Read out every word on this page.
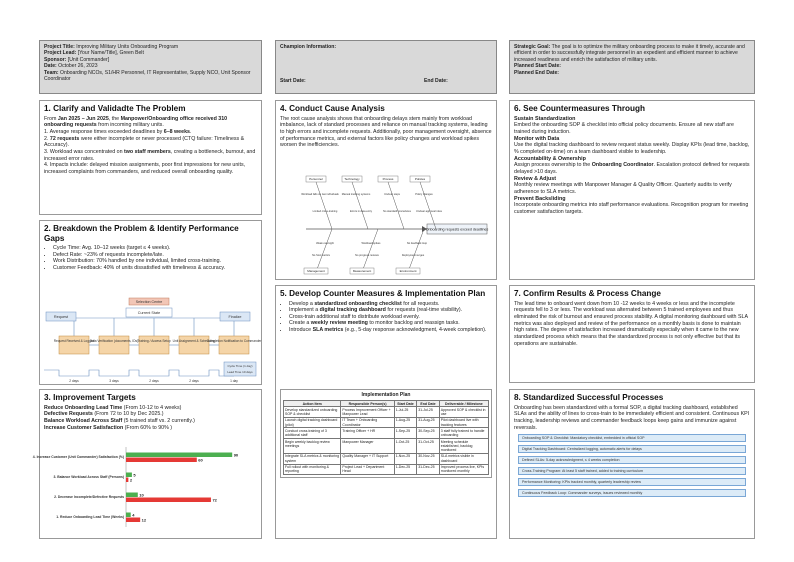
Project Title: Improving Military Units Onboarding Program
Project Lead: [Your Name/Title], Green Belt
Sponsor: [Unit Commander]
Date: October 26, 2023
Team: Onboarding NCOs, S1/HR Personnel, IT Representative, Supply NCO, Unit Sponsor Coordinator
Champion Information:
Start Date:	End Date:
Strategic Goal: The goal is to optimize the military onboarding process to make it timely, accurate and efficient in order to successfully integrate personnel in an expedient and efficient manner to achieve increased readiness and enrich the satisfaction of military units.
Planned Start Date:
Planned End Date:
1. Clarify and Validadte The Problem
From Jan 2025 – Jun 2025, the Manpower/Onboarding office received 310 onboarding requests from incoming military units.
1. Average response times exceeded deadlines by 6–8 weeks.
2. 72 requests were either incomplete or never processed (CTQ failure: Timeliness & Accuracy).
3. Workload was concentrated on two staff members, creating a bottleneck, burnout, and increased error rates.
4. Impacts include: delayed mission assignments, poor first impressions for new units, increased complaints from commanders, and reduced overall onboarding quality.
2. Breakdown the Problem & Identify Performance Gaps
• Cycle Time: Avg. 10–12 weeks (target ≤ 4 weeks).
• Defect Rate: ~23% of requests incomplete/late.
• Work Distribution: 70% handled by one individual, limited cross-training.
• Customer Feedback: 40% of units dissatisfied with timeliness & accuracy.
Selection Centre
Request
Current State
Finalize
Request Received & Logged
2 days
Data Verification (documents, IDs)
3 days
Training / Access Setup
2 days
Unit Assignment & Scheduling
2 days
Completion Notification to Commander
1 day
Cycle Time (1 day)
Lead Time 10 days
3. Improvement Targets
Reduce Onboarding Lead Time (From 10-12 to 4 weeks)
Defective Requests (From 72 to 10 by Dec 2025.)
Balance Workload Across Staff (5 trained staff vs. 2 currently.)
Increase Customer Satisfaction (From 60% to 90% )
4. Increase Customer (Unit Commander) Satisfaction (%)	90
60
3. Balance Workload Across Staff (Persons) 5
2
2. Decrease Incomplete/Defective Requests	10
72
1. Reduce Onboarding Lead Time (Weeks) 4
12
4. Conduct Cause Analysis
The root cause analysis shows that onboarding delays stem mainly from workload imbalance, lack of standard processes and reliance on manual tracking systems, leading to high errors and incomplete requests. Additionally, poor management oversight, absence of performance metrics, and external factors like policy changes and workload spikes worsen the inefficiencies.
Onboarding requests exceed deadlines
Personnel
Workload falls on two individuals
Limited cross-training
Technology
Manual tracking systems
Errors in data entry
Process
Unclear steps
No standard procedures
Policies
Policy changes
Unclear approval rules
Management
Weak oversight
No SLA metrics
Measurement
Workload spikes
No progress reviews
Environment
No feedback loop
Deployment surges
5. Develop Counter Measures & Implementation Plan
• Develop a standardized onboarding checklist for all requests.
• Implement a digital tracking dashboard for requests (real-time visibility).
• Cross-train additional staff to distribute workload evenly.
• Create a weekly review meeting to monitor backlog and reassign tasks.
• Introduce SLA metrics (e.g., 5-day response acknowledgment, 4-week completion).
Implementation Plan
Action Item	Responsible Person(s)	Start Date	End Date	Deliverable / Milestone
Develop standardized onboarding SOP & checklist	Process Improvement Officer + Manpower Lead	1-Jul-25	31-Jul-25	Approved SOP & checklist in use
Launch digital tracking dashboard (pilot)	IT Team + Onboarding Coordinator	1-Aug-25	31-Aug-25	Pilot dashboard live with tracking features
Conduct cross-training of 3 additional staff	Training Officer + HR	1-Sep-25	30-Sep-25	3 staff fully trained to handle onboarding
Begin weekly backlog review meetings	Manpower Manager	1-Oct-25	31-Oct-25	Meeting schedule established, backlog monitored
Integrate SLA metrics & monitoring system	Quality Manager + IT Support	1-Nov-25	30-Nov-25	SLA metrics visible in dashboard
Full rollout with monitoring & reporting	Project Lead + Department Head	1-Dec-25	31-Dec-25	Improved process live, KPIs monitored monthly
6. See Countermeasures Through
Sustain Standardization
Embed the onboarding SOP & checklist into official policy documents. Ensure all new staff are trained during induction.
Monitor with Data
Use the digital tracking dashboard to review request status weekly. Display KPIs (lead time, backlog, % completed on-time) on a team dashboard visible to leadership.
Accountability & Ownership
Assign process ownership to the Onboarding Coordinator. Escalation protocol defined for requests delayed >10 days.
Review & Adjust
Monthly review meetings with Manpower Manager & Quality Officer. Quarterly audits to verify adherence to SLA metrics.
Prevent Backsliding
Incorporate onboarding metrics into staff performance evaluations. Recognition program for meeting customer satisfaction targets.
7. Confirm Results & Process Change
The lead time to onboard went down from 10 -12 weeks to 4 weeks or less and the incomplete requests fell to 3 or less. The workload was alternated between 5 trained employees and thus eliminated the risk of burnout and ensured process stability. A digital monitoring dashboard with SLA metrics was also deployed and review of the performance on a monthly basis is done to maintain high rates. The degree of satisfaction increased dramatically especially when it came to the new standardized process which means that the standardized process is not only effective but that its operations are sustainable.
8. Standardized Successful Processes
Onboarding has been standardized with a formal SOP, a digital tracking dashboard, established SLAs and the ability of lines to cross-train to be immediately efficient and consistent. Continuous KPI tracking, leadership reviews and commander feedback loops keep gains and immunize against reversals.
Onboarding SOP & Checklist: Mandatory checklist, embedded in official SOP
Digital Tracking Dashboard: Centralized logging, automatic alerts for delays
Defined SLAs: 5-day acknowledgment, ≤ 4 weeks completion
Cross-Training Program: At least 5 staff trained, added to training curriculum
Performance Monitoring: KPIs tracked monthly, quarterly leadership review
Continuous Feedback Loop: Commander surveys, issues reviewed monthly
